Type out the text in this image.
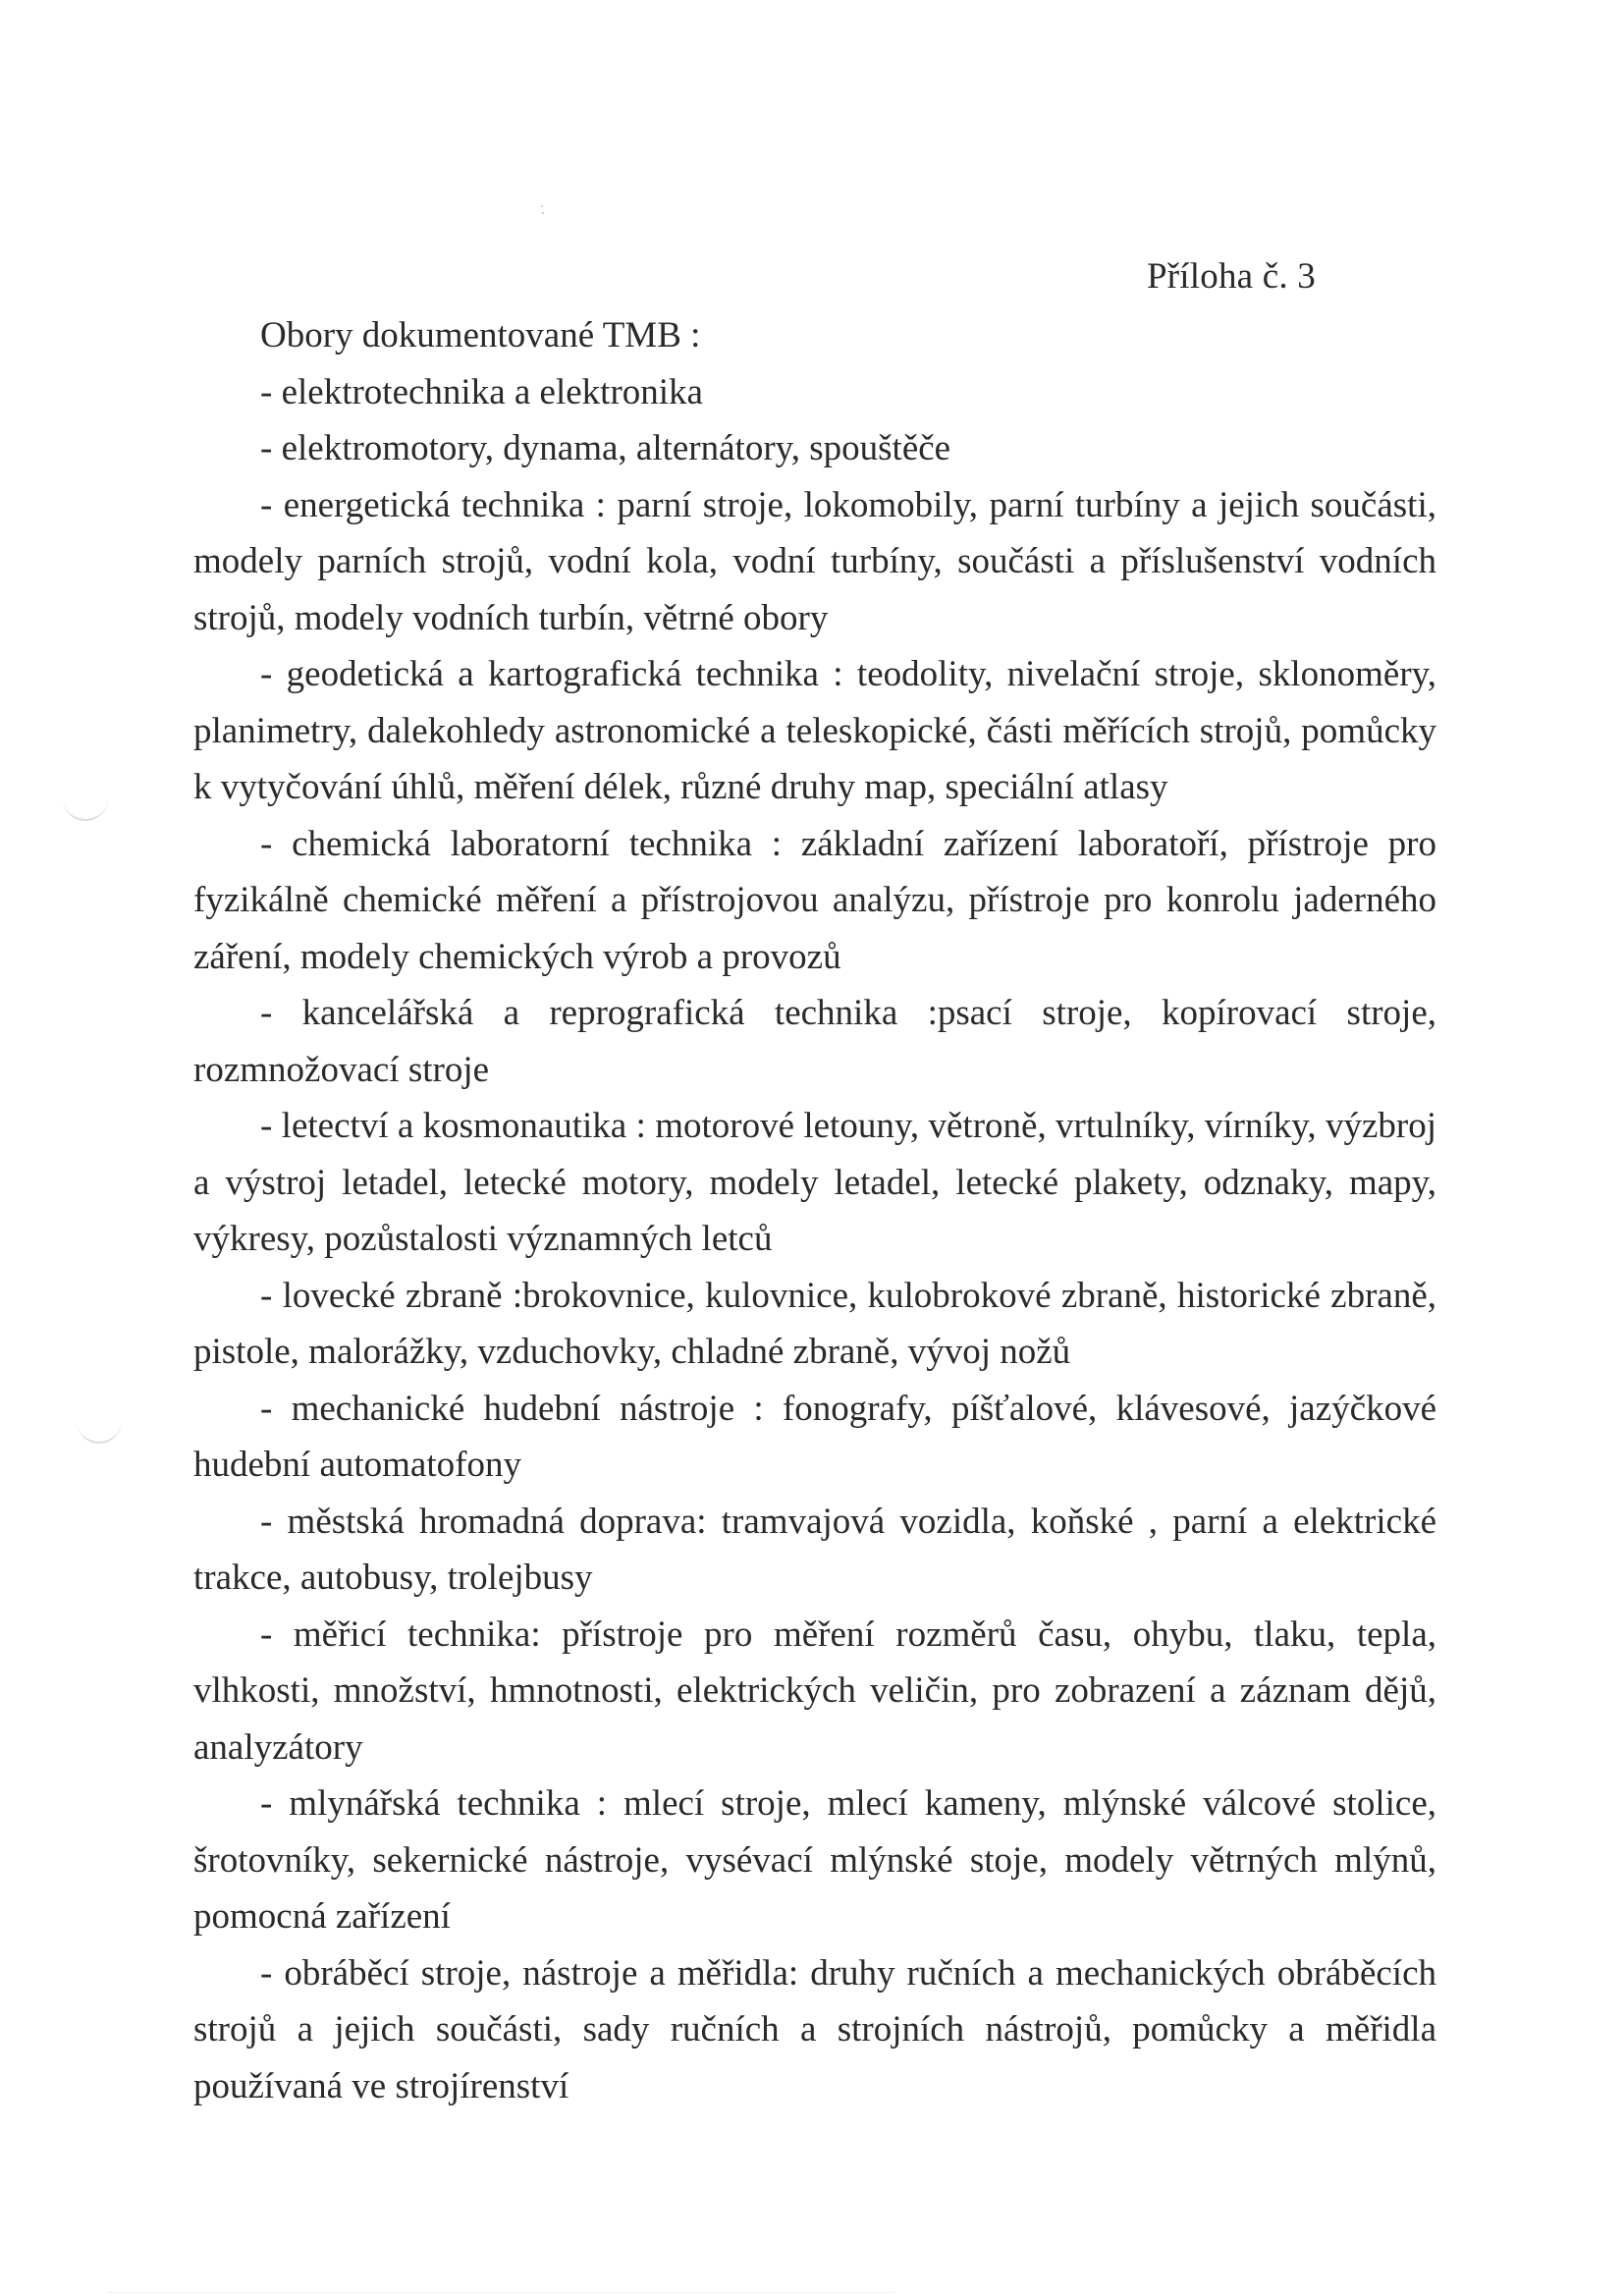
Příloha č. 3
Obory dokumentované TMB :

- elektrotechnika a elektronika

- elektromotory, dynama, alternátory, spouštěče

- energetická technika : parní stroje, lokomobily, parní turbíny a jejich součásti, modely parních strojů, vodní kola, vodní turbíny, součásti a příslušenství vodních strojů, modely vodních turbín, větrné obory

- geodetická a kartografická technika : teodolity, nivelační stroje, sklonoměry, planimetry, dalekohledy astronomické a teleskopické, části měřících strojů, pomůcky k vytyčování úhlů, měření délek, různé druhy map, speciální atlasy

- chemická laboratorní technika : základní zařízení laboratoří, přístroje pro fyzikálně chemické měření a přístrojovou analýzu, přístroje pro konrolu jaderného záření, modely chemických výrob a provozů

- kancelářská a reprografická technika :psací stroje, kopírovací stroje, rozmnožovací stroje

- letectví a kosmonautika : motorové letouny, větroně, vrtulníky, vírníky, výzbroj a výstroj letadel, letecké motory, modely letadel, letecké plakety, odznaky, mapy, výkresy, pozůstalosti významných letců

- lovecké zbraně :brokovnice, kulovnice, kulobrokové zbraně, historické zbraně, pistole, malorážky, vzduchovky, chladné zbraně, vývoj nožů

- mechanické hudební nástroje : fonografy, píšťalové, klávesové, jazýčkové hudební automatofony

- městská hromadná doprava: tramvajová vozidla, koňské , parní a elektrické trakce, autobusy, trolejbusy

- měřicí technika: přístroje pro měření rozměrů času, ohybu, tlaku, tepla, vlhkosti, množství, hmnotnosti, elektrických veličin, pro zobrazení a záznam dějů, analyzátory

- mlynářská technika : mlecí stroje, mlecí kameny, mlýnské válcové stolice, šrotovníky, sekernické nástroje, vysévací mlýnské stoje, modely větrných mlýnů, pomocná zařízení

- obráběcí stroje, nástroje a měřidla: druhy ručních a mechanických obráběcích strojů a jejich součásti, sady ručních a strojních nástrojů, pomůcky a měřidla používaná ve strojírenství
